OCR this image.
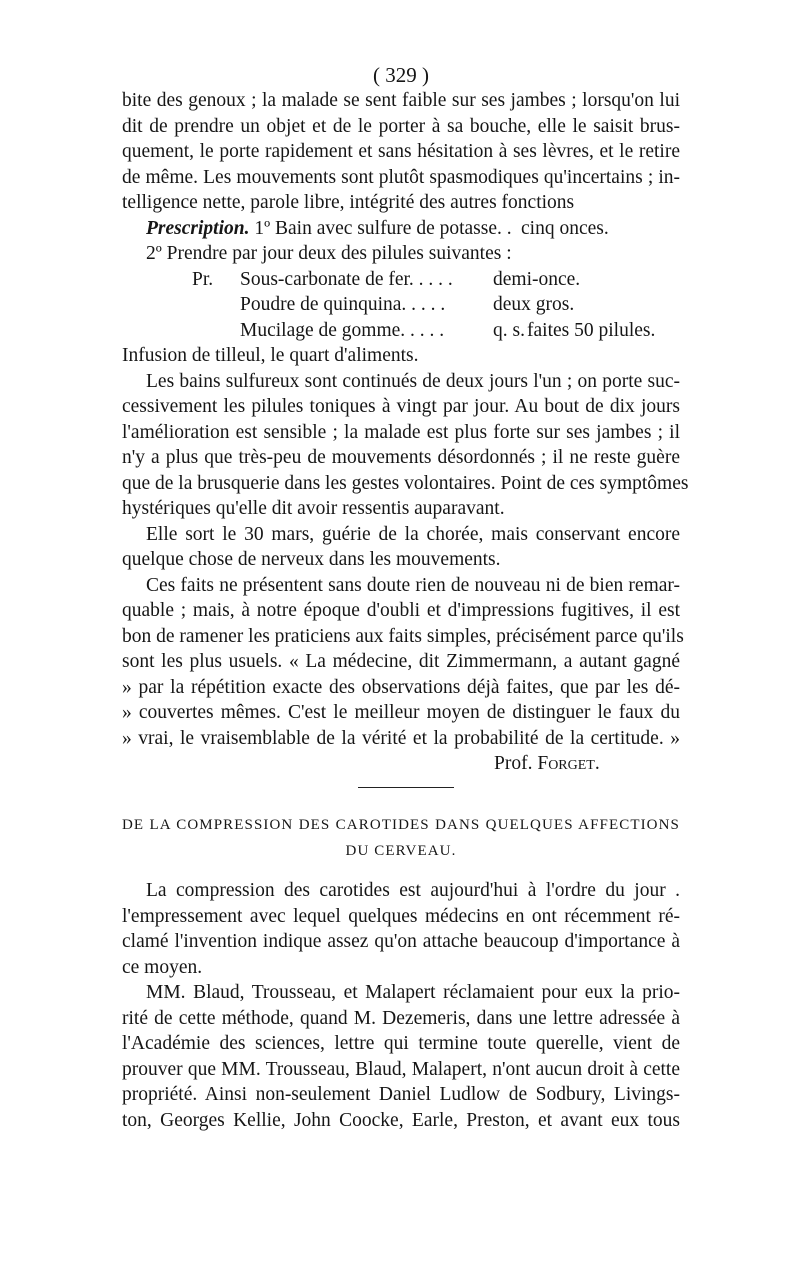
( 329 )
bite des genoux ; la malade se sent faible sur ses jambes ; lorsqu'on lui
dit de prendre un objet et de le porter à sa bouche, elle le saisit brus-
quement, le porte rapidement et sans hésitation à ses lèvres, et le retire
de même. Les mouvements sont plutôt spasmodiques qu'incertains ; in-
telligence nette, parole libre, intégrité des autres fonctions
Prescription. 1º Bain avec sulfure de potasse. . cinq onces.
2º Prendre par jour deux des pilules suivantes :
Pr.	Sous-carbonate de fer. . . . .	demi-once.
Poudre de quinquina. . . . .	deux gros.
Mucilage de gomme. . . . .	q. s. faites 50 pilules.
Infusion de tilleul, le quart d'aliments.
Les bains sulfureux sont continués de deux jours l'un ; on porte suc-
cessivement les pilules toniques à vingt par jour. Au bout de dix jours
l'amélioration est sensible ; la malade est plus forte sur ses jambes ; il
n'y a plus que très-peu de mouvements désordonnés ; il ne reste guère
que de la brusquerie dans les gestes volontaires. Point de ces symptômes
hystériques qu'elle dit avoir ressentis auparavant.
Elle sort le 30 mars, guérie de la chorée, mais conservant encore
quelque chose de nerveux dans les mouvements.
Ces faits ne présentent sans doute rien de nouveau ni de bien remar-
quable ; mais, à notre époque d'oubli et d'impressions fugitives, il est
bon de ramener les praticiens aux faits simples, précisément parce qu'ils
sont les plus usuels. « La médecine, dit Zimmermann, a autant gagné
» par la répétition exacte des observations déjà faites, que par les dé-
» couvertes mêmes. C'est le meilleur moyen de distinguer le faux du
» vrai, le vraisemblable de la vérité et la probabilité de la certitude. »
Prof. Forget.
DE LA COMPRESSION DES CAROTIDES DANS QUELQUES AFFECTIONS
DU CERVEAU.
La compression des carotides est aujourd'hui à l'ordre du jour .
l'empressement avec lequel quelques médecins en ont récemment ré-
clamé l'invention indique assez qu'on attache beaucoup d'importance à
ce moyen.
MM. Blaud, Trousseau, et Malapert réclamaient pour eux la prio-
rité de cette méthode, quand M. Dezemeris, dans une lettre adressée à
l'Académie des sciences, lettre qui termine toute querelle, vient de
prouver que MM. Trousseau, Blaud, Malapert, n'ont aucun droit à cette
propriété. Ainsi non-seulement Daniel Ludlow de Sodbury, Livings-
ton, Georges Kellie, John Coocke, Earle, Preston, et avant eux tous
